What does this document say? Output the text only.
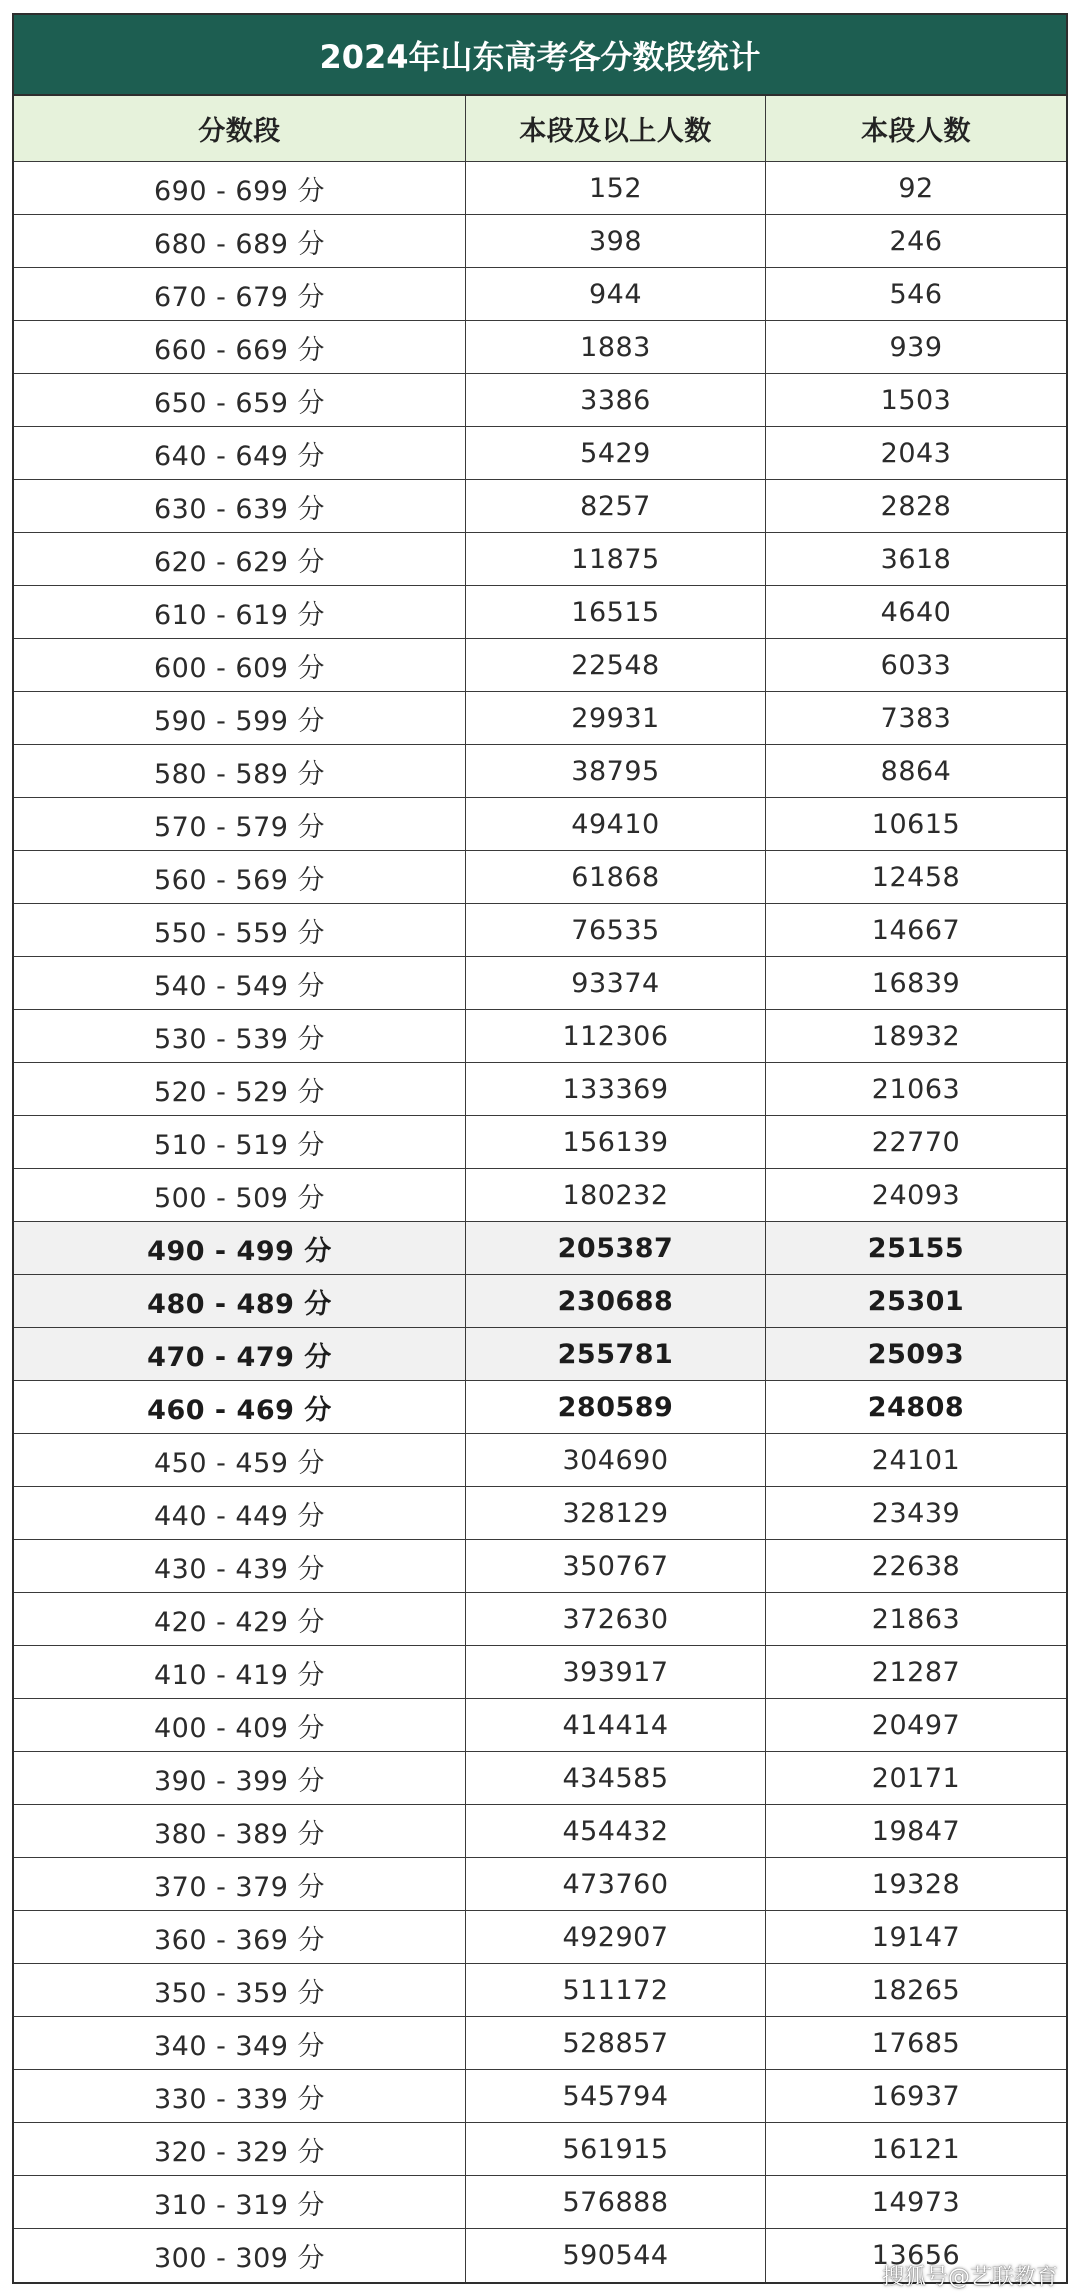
2024年山东高考各分数段统计
分数段	本段及以上人数	本段人数
690 - 699 分	152	92
680 - 689 分	398	246
670 - 679 分	944	546
660 - 669 分	1883	939
650 - 659 分	3386	1503
640 - 649 分	5429	2043
630 - 639 分	8257	2828
620 - 629 分	11875	3618
610 - 619 分	16515	4640
600 - 609 分	22548	6033
590 - 599 分	29931	7383
580 - 589 分	38795	8864
570 - 579 分	49410	10615
560 - 569 分	61868	12458
550 - 559 分	76535	14667
540 - 549 分	93374	16839
530 - 539 分	112306	18932
520 - 529 分	133369	21063
510 - 519 分	156139	22770
500 - 509 分	180232	24093
490 - 499 分	205387	25155
480 - 489 分	230688	25301
470 - 479 分	255781	25093
460 - 469 分	280589	24808
450 - 459 分	304690	24101
440 - 449 分	328129	23439
430 - 439 分	350767	22638
420 - 429 分	372630	21863
410 - 419 分	393917	21287
400 - 409 分	414414	20497
390 - 399 分	434585	20171
380 - 389 分	454432	19847
370 - 379 分	473760	19328
360 - 369 分	492907	19147
350 - 359 分	511172	18265
340 - 349 分	528857	17685
330 - 339 分	545794	16937
320 - 329 分	561915	16121
310 - 319 分	576888	14973
300 - 309 分	590544	13656
搜狐号@艺联教育
